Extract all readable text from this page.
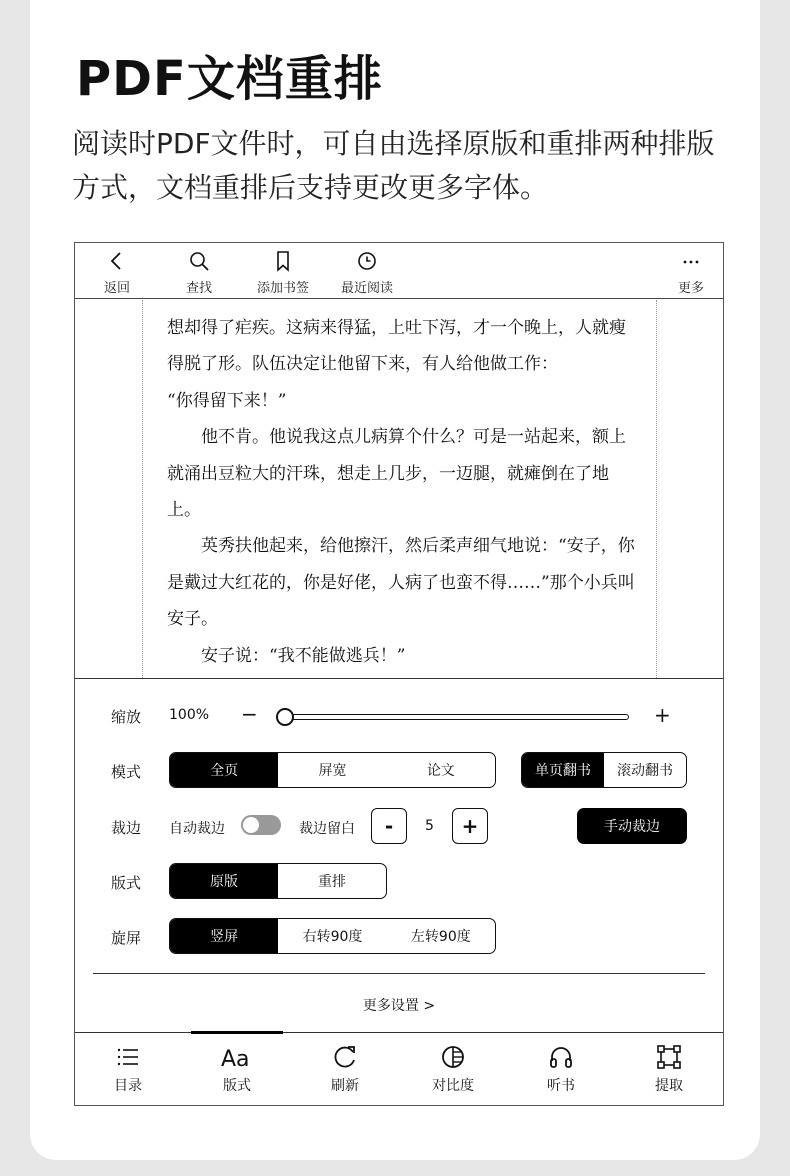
PDF文档重排

阅读时PDF文件时，可自由选择原版和重排两种排版方式，文档重排后支持更改更多字体。

返回	查找	添加书签	最近阅读	更多

想却得了疟疾。这病来得猛，上吐下泻，才一个晚上，人就瘦得脱了形。队伍决定让他留下来，有人给他做工作：

“你得留下来！”

他不肯。他说我这点儿病算个什么？可是一站起来，额上就涌出豆粒大的汗珠，想走上几步，一迈腿，就瘫倒在了地上。

英秀扶他起来，给他擦汗，然后柔声细气地说：“安子，你是戴过大红花的，你是好佬，人病了也蛮不得……”那个小兵叫安子。

安子说：“我不能做逃兵！”

缩放 100% −	+
模式	全页	屏宽	论文	单页翻书	滚动翻书
裁边 自动裁边	裁边留白	-	5	+	手动裁边
版式	原版	重排
旋屏	竖屏	右转90度	左转90度
更多设置 >
目录
Aa
版式	刷新	对比度	听书	提取
